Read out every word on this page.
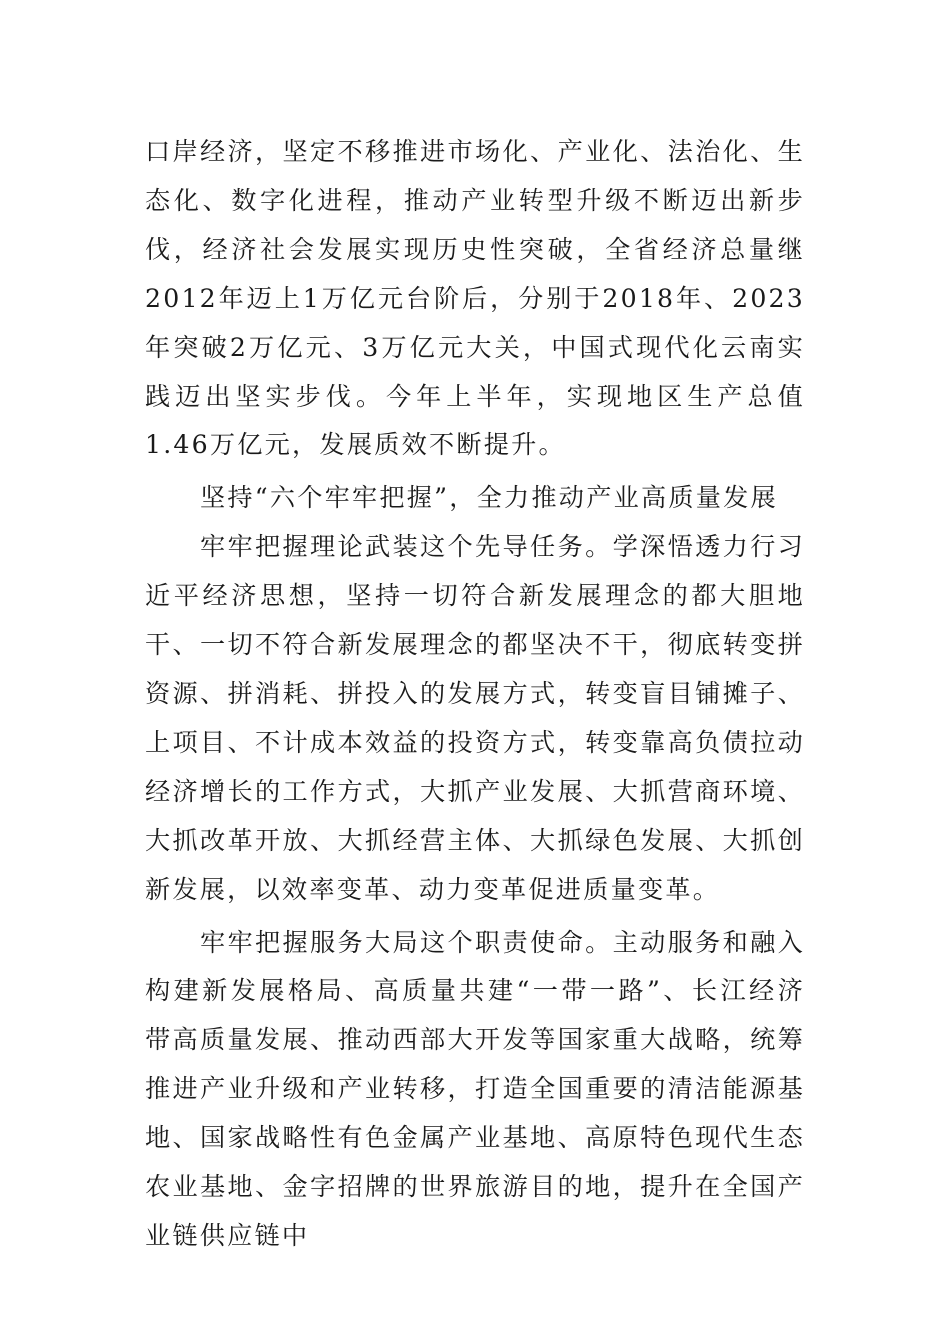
口岸经济，坚定不移推进市场化、产业化、法治化、生态化、数字化进程，推动产业转型升级不断迈出新步伐，经济社会发展实现历史性突破，全省经济总量继2012年迈上1万亿元台阶后，分别于2018年、2023年突破2万亿元、3万亿元大关，中国式现代化云南实践迈出坚实步伐。今年上半年，实现地区生产总值1.46万亿元，发展质效不断提升。

坚持“六个牢牢把握”，全力推动产业高质量发展

牢牢把握理论武装这个先导任务。学深悟透力行习近平经济思想，坚持一切符合新发展理念的都大胆地干、一切不符合新发展理念的都坚决不干，彻底转变拼资源、拼消耗、拼投入的发展方式，转变盲目铺摊子、上项目、不计成本效益的投资方式，转变靠高负债拉动经济增长的工作方式，大抓产业发展、大抓营商环境、大抓改革开放、大抓经营主体、大抓绿色发展、大抓创新发展，以效率变革、动力变革促进质量变革。

牢牢把握服务大局这个职责使命。主动服务和融入构建新发展格局、高质量共建“一带一路”、长江经济带高质量发展、推动西部大开发等国家重大战略，统筹推进产业升级和产业转移，打造全国重要的清洁能源基地、国家战略性有色金属产业基地、高原特色现代生态农业基地、金字招牌的世界旅游目的地，提升在全国产业链供应链中
